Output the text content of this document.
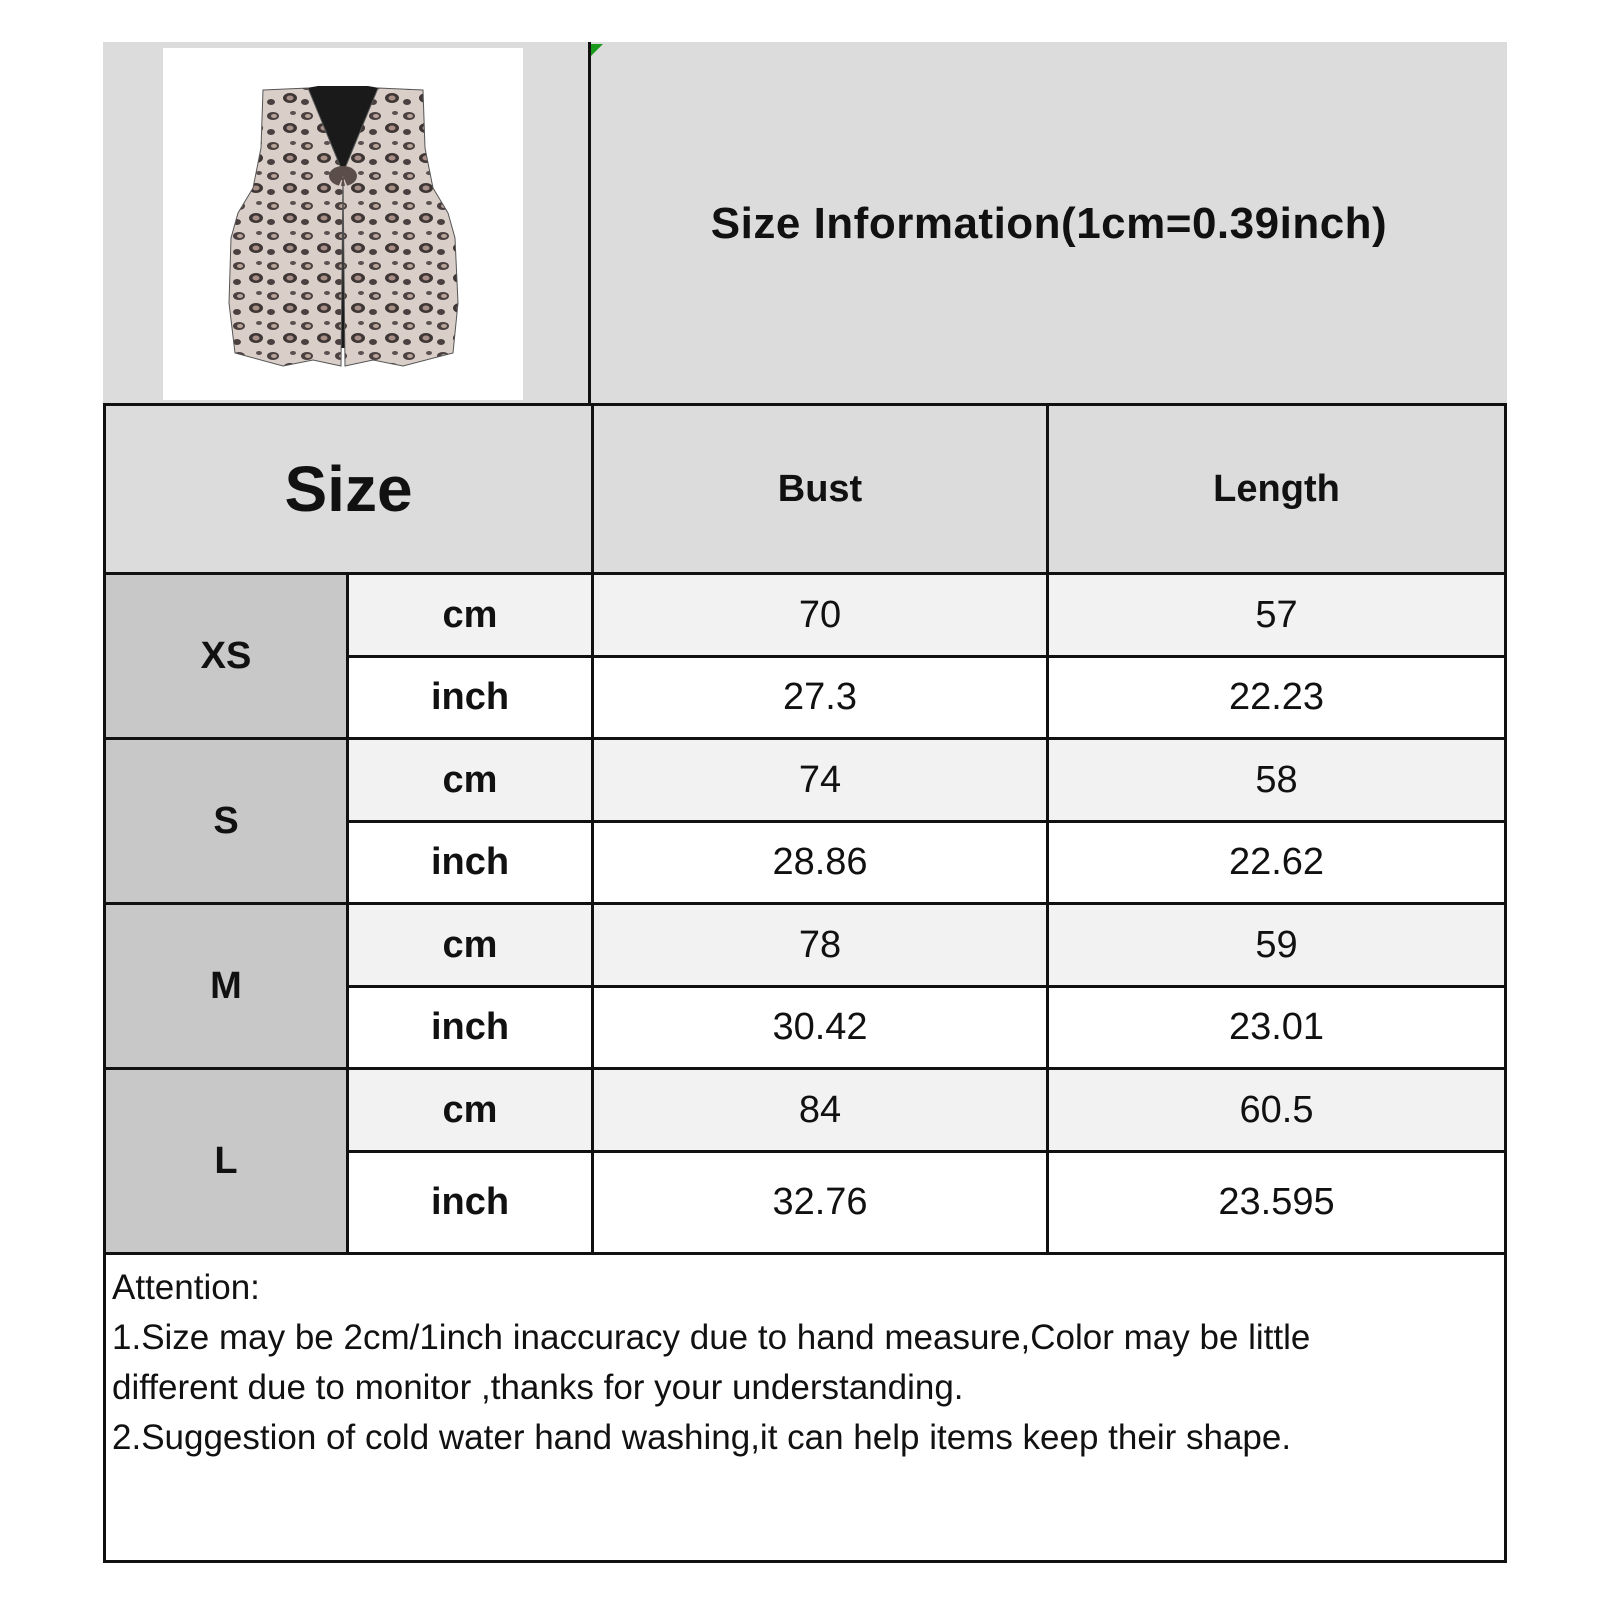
Size Information(1cm=0.39inch)
Size	Bust	Length
XS
cm	70	57
inch	27.3	22.23
S
cm	74	58
inch	28.86	22.62
M
cm	78	59
inch	30.42	23.01
L
cm	84	60.5
inch	32.76	23.595
Attention:
1.Size may be 2cm/1inch inaccuracy due to hand measure,Color may be little
different due to monitor ,thanks for your understanding.
2.Suggestion of cold water hand washing,it can help items keep their shape.
